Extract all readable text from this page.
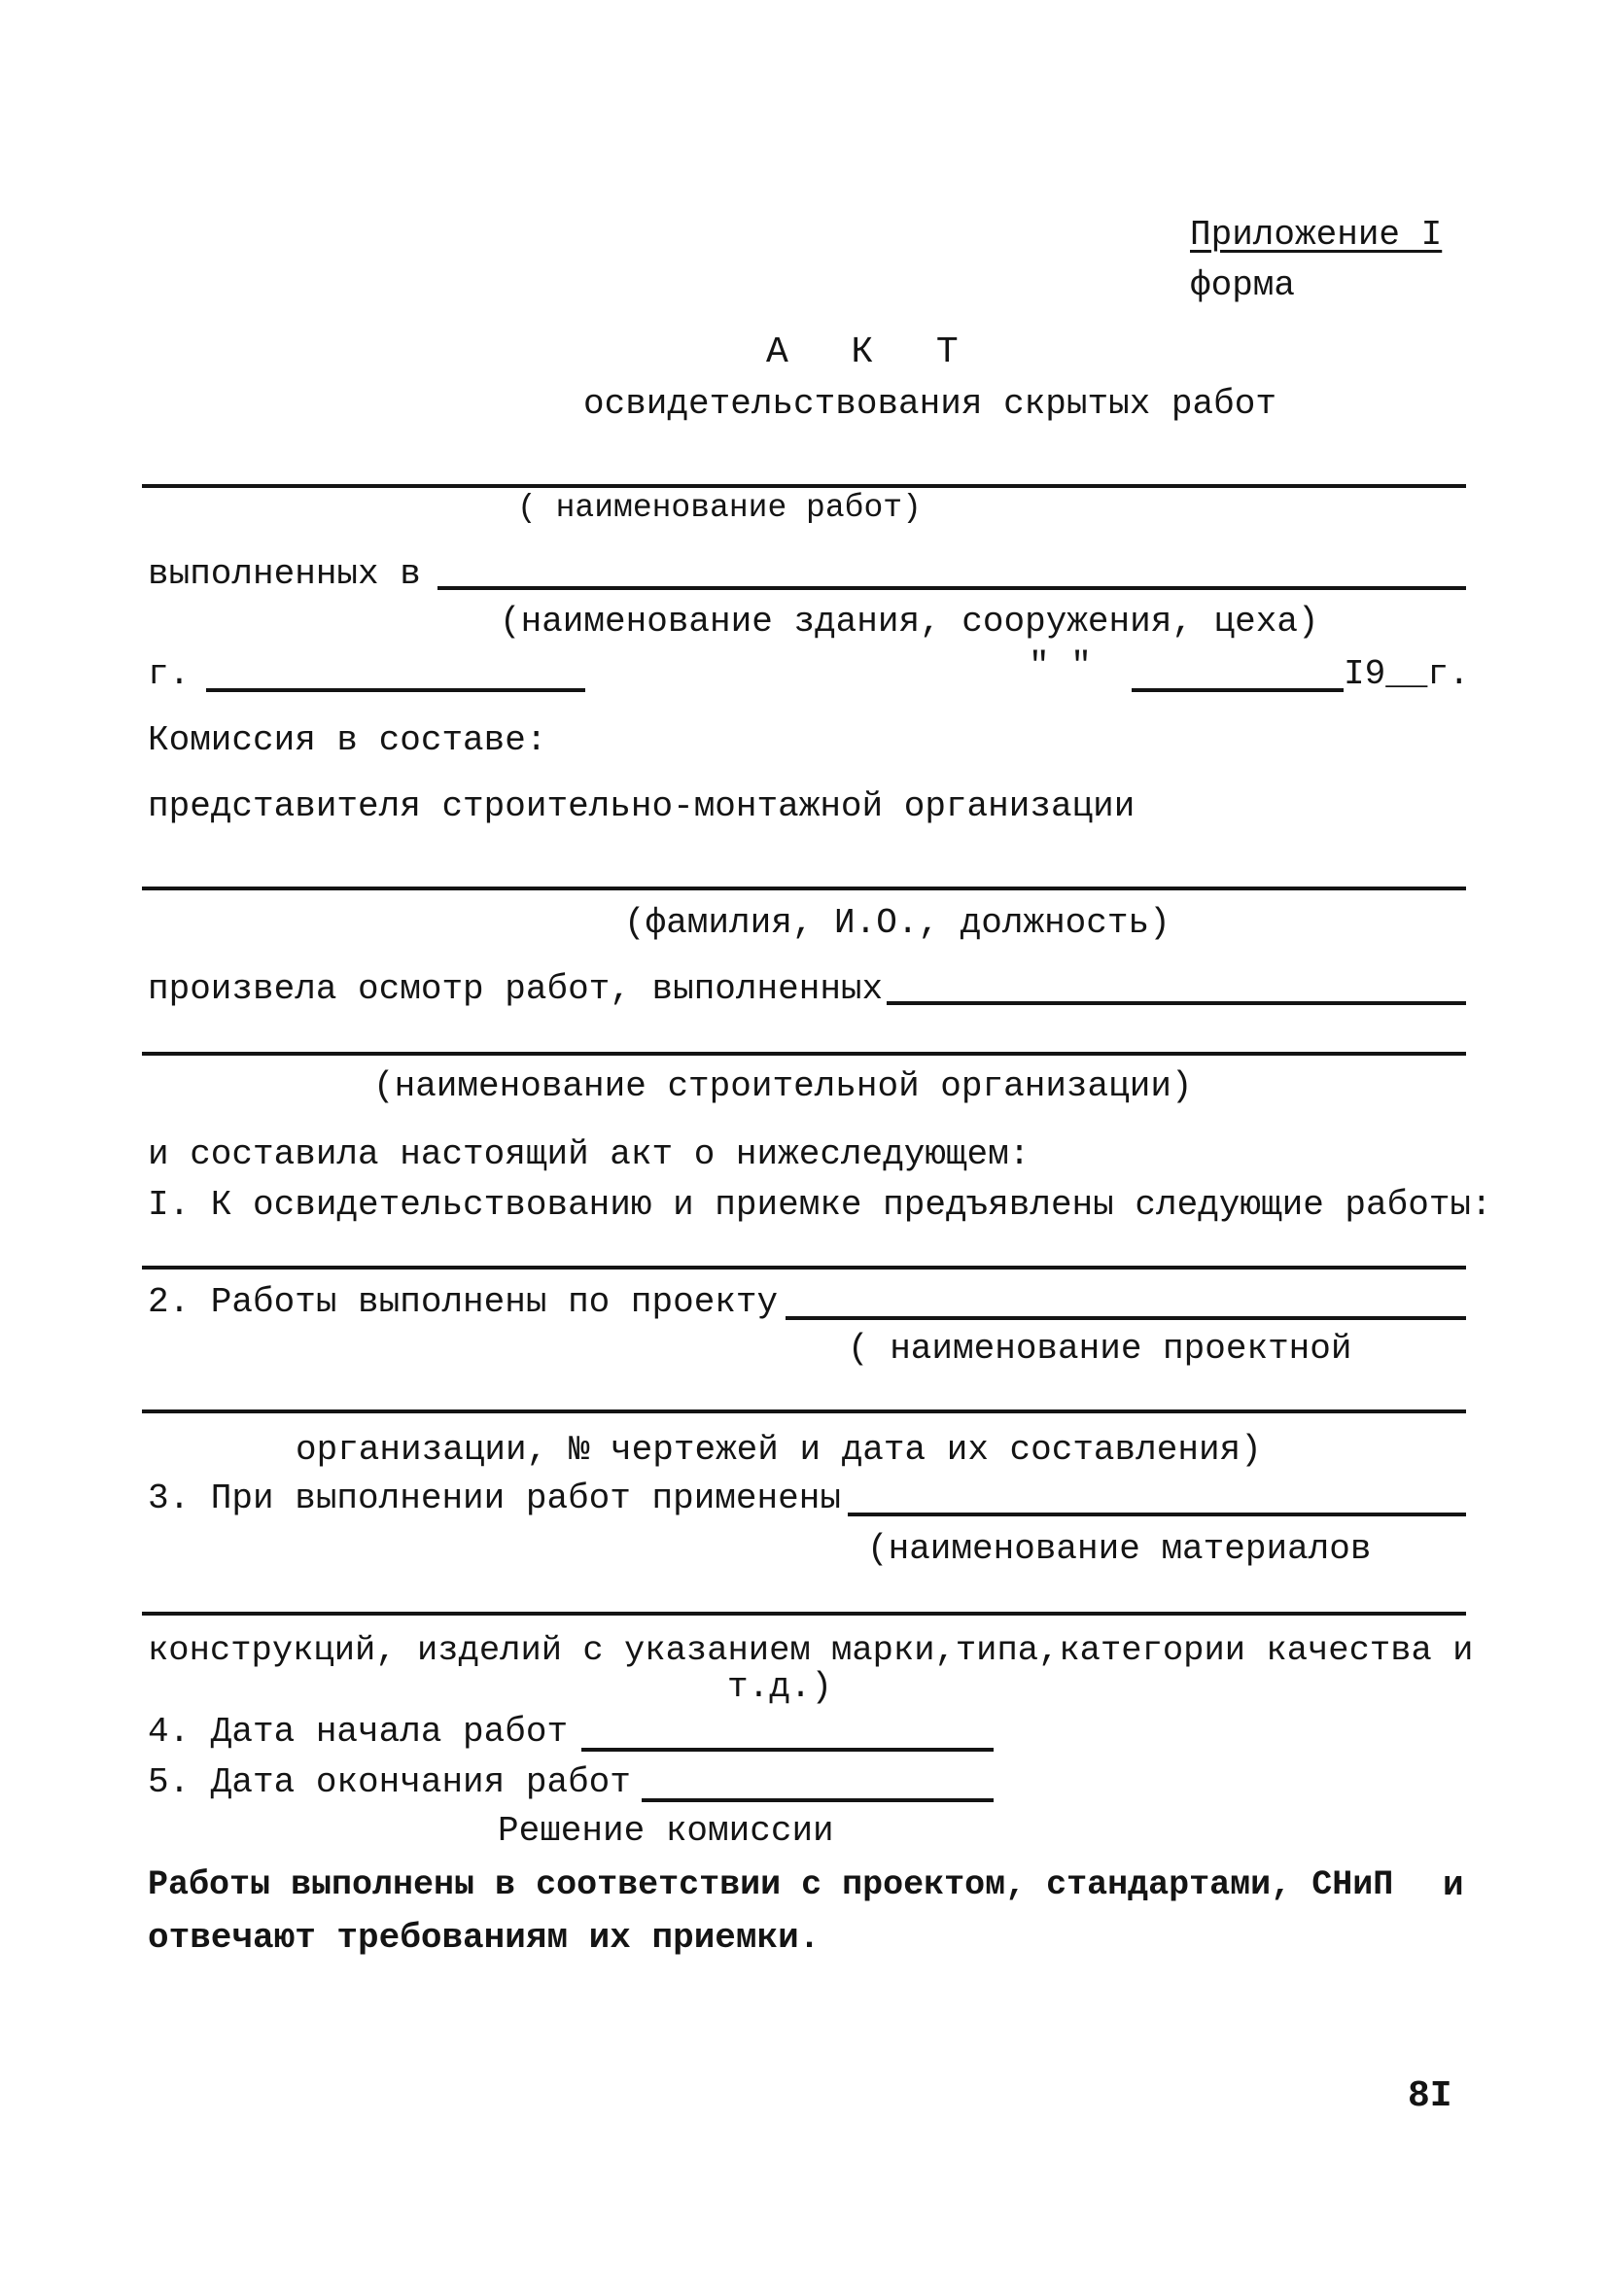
Приложение I
форма
А К Т
освидетельствования скрытых работ
( наименование работ)
выполненных в
(наименование здания, сооружения, цеха)
г.	" "	I9__г.
Комиссия в составе:
представителя строительно-монтажной организации
(фамилия, И.О., должность)
произвела осмотр работ, выполненных
(наименование строительной организации)
и составила настоящий акт о нижеследующем:
I. К освидетельствованию и приемке предъявлены следующие работы:
2. Работы выполнены по проекту
( наименование проектной
организации, № чертежей и дата их составления)
3. При выполнении работ применены
(наименование материалов
конструкций, изделий с указанием марки,типа,категории качества и
т.д.)
4. Дата начала работ
5. Дата окончания работ
Решение комиссии
Работы выполнены в соответствии с проектом, стандартами, СНиП и
отвечают требованиям их приемки.
8I
